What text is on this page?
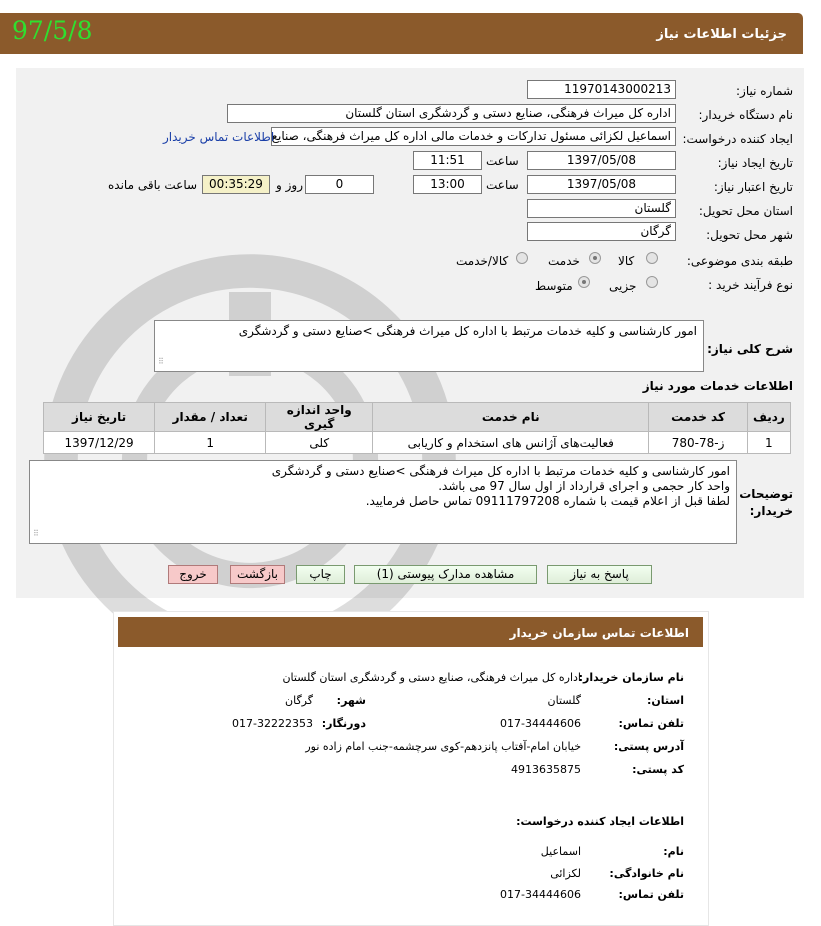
جزئیات اطلاعات نیاز
97/5/8
شماره نیاز:
1197014300021​3
نام دستگاه خریدار:
اداره کل میراث فرهنگی، صنایع دستی و گردشگری استان گلستان
ایجاد کننده درخواست:
اسماعیل لکزائی مسئول تدارکات و خدمات مالی اداره کل میراث فرهنگی، صنایع
اطلاعات تماس خریدار
تاریخ ایجاد نیاز:
1397/05/08
ساعت
11:51
تاریخ اعتبار نیاز:
1397/05/08
ساعت
13:00
0
روز و
00:35:29
ساعت باقی مانده
استان محل تحویل:
گلستان
شهر محل تحویل:
گرگان
طبقه بندی موضوعی:
کالا
خدمت
کالا/خدمت
نوع فرآیند خرید :
جزیی
متوسط
شرح کلی نیاز:
امور کارشناسی و کلیه خدمات مرتبط با اداره کل میراث فرهنگی >صنایع دستی و گردشگری
⠿
اطلاعات خدمات مورد نیاز
ردیف	کد خدمت	نام خدمت	واحد اندازه گیری	تعداد / مقدار	تاریخ نیاز
1	ز-78-780	فعالیت‌های آژانس های استخدام و کاریابی	کلی	1	1397/12/29
توضیحات خریدار:
امور کارشناسی و کلیه خدمات مرتبط با اداره کل میراث فرهنگی >صنایع دستی و گردشگری
واحد کار حجمی و اجرای قرارداد از اول سال 97 می باشد.
لطفا قبل از اعلام قیمت با شماره 09111797208 تماس حاصل فرمایید.
⠿
پاسخ به نیاز
مشاهده مدارک پیوستی (1)
چاپ
بازگشت
خروج
اطلاعات تماس سازمان خریدار
نام سازمان خریدار:
اداره کل میراث فرهنگی، صنایع دستی و گردشگری استان گلستان
استان:
گلستان
شهر:
گرگان
تلفن تماس:
017-34444606
دورنگار:
017-32222353
آدرس پستی:
خیابان امام-آفتاب پانزدهم-کوی سرچشمه-جنب امام زاده نور
کد پستی:
4913635875
اطلاعات ایجاد کننده درخواست:
نام:
اسماعیل
نام خانوادگی:
لکزائی
تلفن تماس:
017-34444606
